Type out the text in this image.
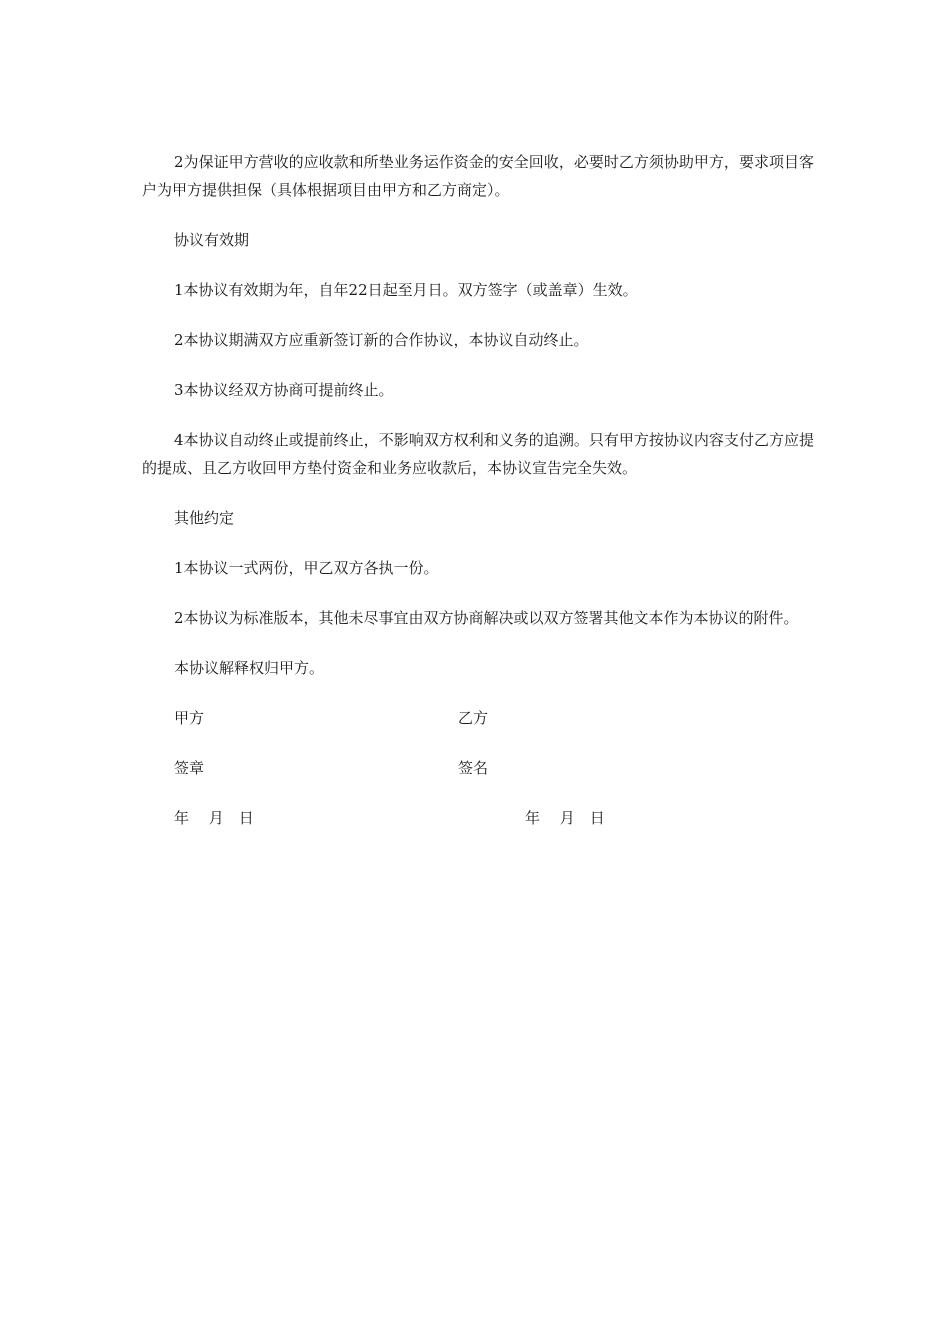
2为保证甲方营收的应收款和所垫业务运作资金的安全回收，必要时乙方须协助甲方，要求项目客户为甲方提供担保（具体根据项目由甲方和乙方商定）。

协议有效期

1本协议有效期为年，自年22日起至月日。双方签字（或盖章）生效。

2本协议期满双方应重新签订新的合作协议，本协议自动终止。

3本协议经双方协商可提前终止。

4本协议自动终止或提前终止，不影响双方权利和义务的追溯。只有甲方按协议内容支付乙方应提的提成、且乙方收回甲方垫付资金和业务应收款后，本协议宣告完全失效。

其他约定

1本协议一式两份，甲乙双方各执一份。

2本协议为标准版本，其他未尽事宜由双方协商解决或以双方签署其他文本作为本协议的附件。

本协议解释权归甲方。

甲方	乙方
签章	签名
年　 月　日	年　 月　日
